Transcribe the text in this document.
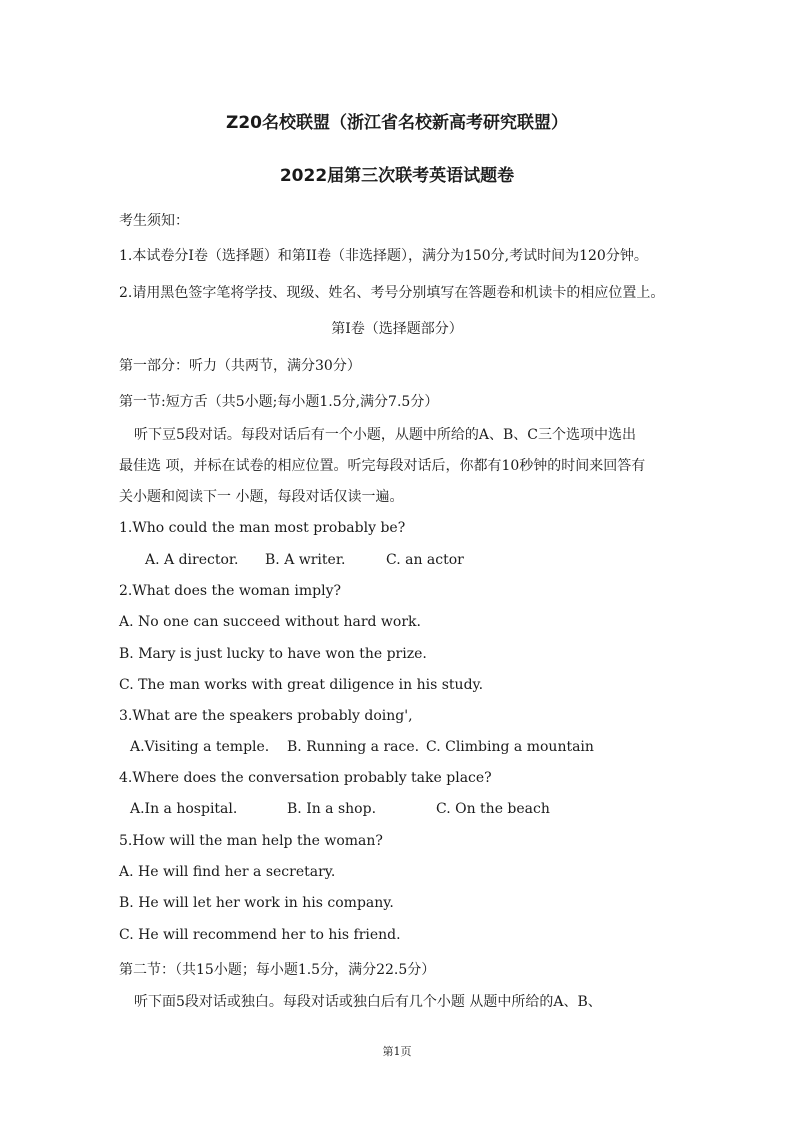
Z20名校联盟（浙江省名校新高考研究联盟）
2022届第三次联考英语试题卷
考生须知：
1.本试卷分I卷（选择题）和第II卷（非选择题），满分为150分,考试时间为120分钟。
2.请用黑色签字笔将学技、现级、姓名、考号分别填写在答题卷和机读卡的相应位置上。
第I卷（选择题部分）
第一部分：听力（共两节，满分30分）
第一节:短方舌（共5小题;每小题1.5分,满分7.5分）
听下豆5段对话。每段对话后有一个小题，从题中所给的A、B、C三个选项中选出
最佳选 项，并标在试卷的相应位置。听完每段对话后，你都有10秒钟的时间来回答有
关小题和阅读下一 小题，每段对话仅读一遍。
1.Who could the man most probably be?
A. A director. B. A writer.	C. an actor
2.What does the woman imply?
A. No one can succeed without hard work.
B. Mary is just lucky to have won the prize.
C. The man works with great diligence in his study.
3.What are the speakers probably doing',
A.Visiting a temple. B. Running a race. C. Climbing a mountain
4.Where does the conversation probably take place?
A.In a hospital.	B. In a shop.	C. On the beach
5.How will the man help the woman?
A. He will find her a secretary.
B. He will let her work in his company.
C. He will recommend her to his friend.
第二节：（共15小题；每小题1.5分，满分22.5分）
听下面5段对话或独白。每段对话或独白后有几个小题 从题中所给的A、B、
第1页
